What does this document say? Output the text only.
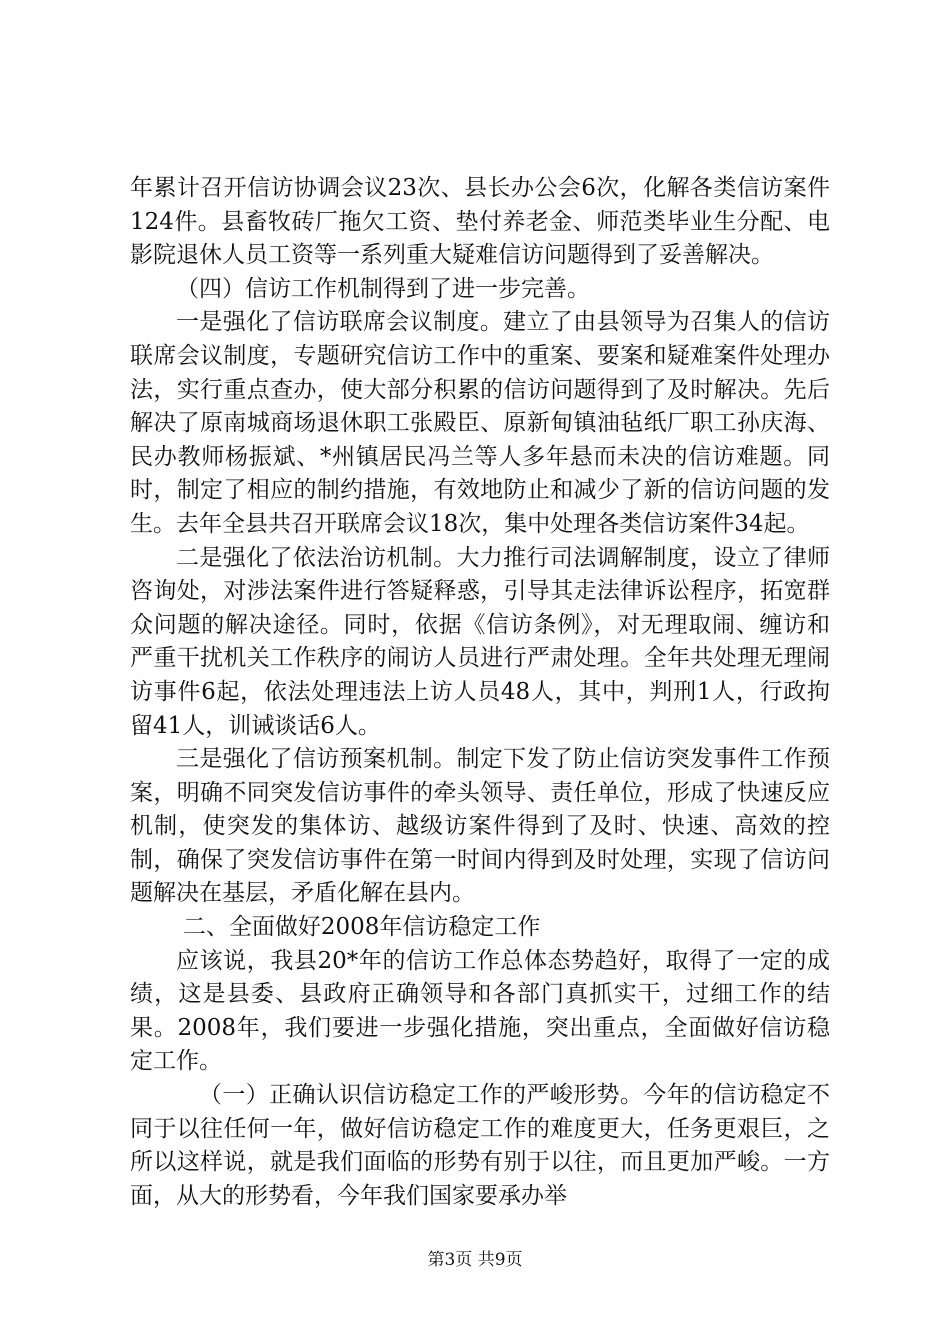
年累计召开信访协调会议23次、县长办公会6次，化解各类信访案件124件。县畜牧砖厂拖欠工资、垫付养老金、师范类毕业生分配、电影院退休人员工资等一系列重大疑难信访问题得到了妥善解决。

（四）信访工作机制得到了进一步完善。

一是强化了信访联席会议制度。建立了由县领导为召集人的信访联席会议制度，专题研究信访工作中的重案、要案和疑难案件处理办法，实行重点查办，使大部分积累的信访问题得到了及时解决。先后解决了原南城商场退休职工张殿臣、原新甸镇油毡纸厂职工孙庆海、民办教师杨振斌、*州镇居民冯兰等人多年悬而未决的信访难题。同时，制定了相应的制约措施，有效地防止和减少了新的信访问题的发生。去年全县共召开联席会议18次，集中处理各类信访案件34起。

二是强化了依法治访机制。大力推行司法调解制度，设立了律师咨询处，对涉法案件进行答疑释惑，引导其走法律诉讼程序，拓宽群众问题的解决途径。同时，依据《信访条例》，对无理取闹、缠访和严重干扰机关工作秩序的闹访人员进行严肃处理。全年共处理无理闹访事件6起，依法处理违法上访人员48人，其中，判刑1人，行政拘留41人，训诫谈话6人。

三是强化了信访预案机制。制定下发了防止信访突发事件工作预案，明确不同突发信访事件的牵头领导、责任单位，形成了快速反应机制，使突发的集体访、越级访案件得到了及时、快速、高效的控制，确保了突发信访事件在第一时间内得到及时处理，实现了信访问题解决在基层，矛盾化解在县内。

二、全面做好2008年信访稳定工作

应该说，我县20*年的信访工作总体态势趋好，取得了一定的成绩，这是县委、县政府正确领导和各部门真抓实干，过细工作的结果。2008年，我们要进一步强化措施，突出重点，全面做好信访稳定工作。

（一）正确认识信访稳定工作的严峻形势。今年的信访稳定不同于以往任何一年，做好信访稳定工作的难度更大，任务更艰巨，之所以这样说，就是我们面临的形势有别于以往，而且更加严峻。一方面，从大的形势看，今年我们国家要承办举

第3页 共9页
